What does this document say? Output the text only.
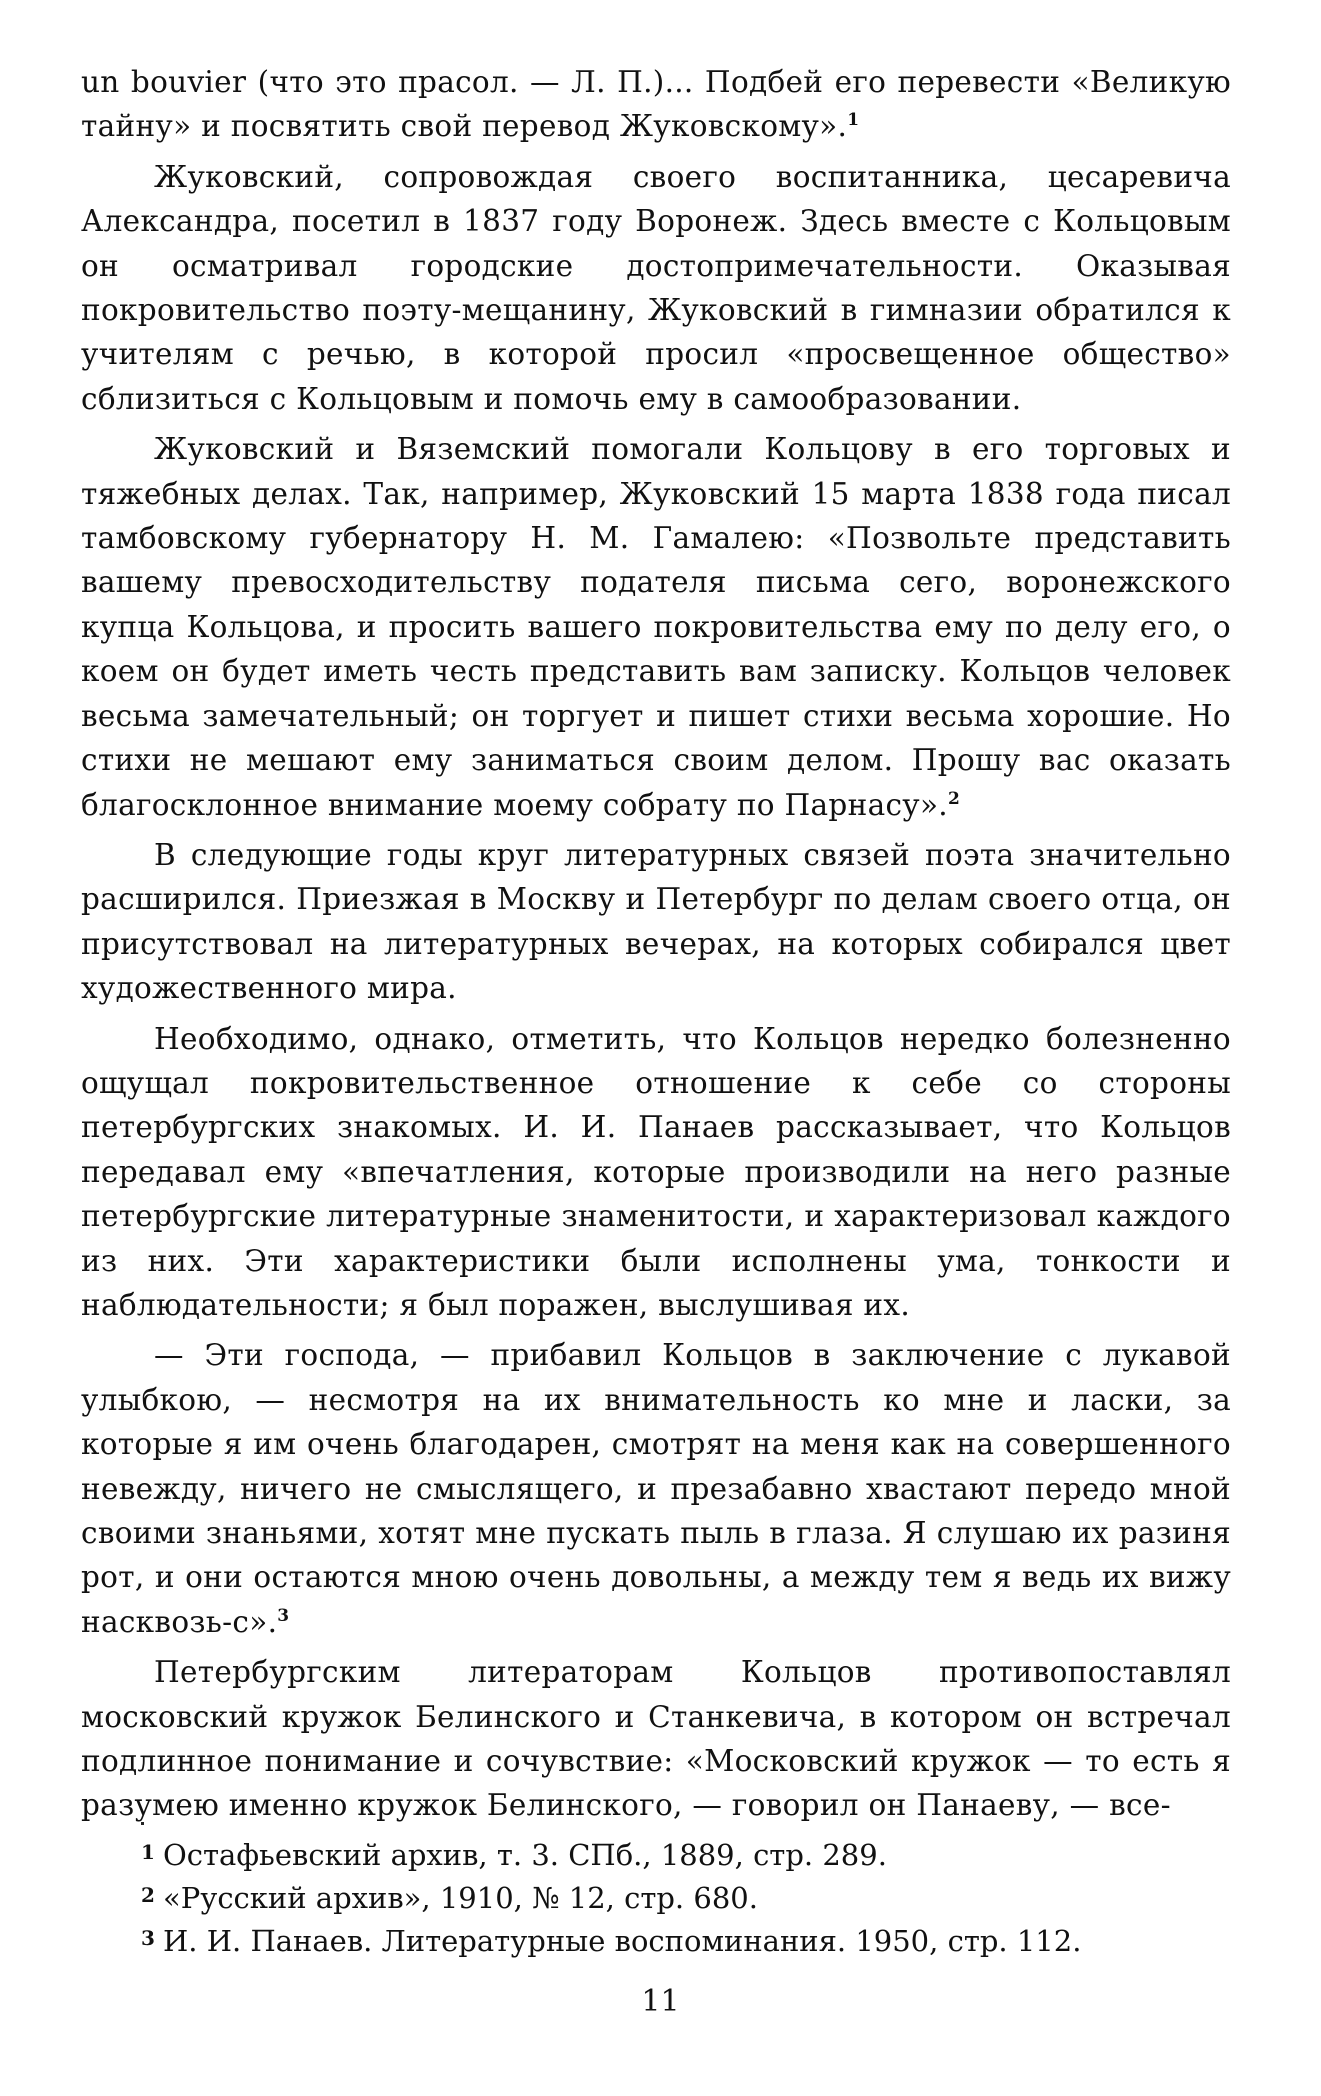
un bouvier (что это прасол. — Л. П.)... Подбей его перевести «Великую тайну» и посвятить свой перевод Жуковскому».$^1$

Жуковский, сопровождая своего воспитанника, цесаревича Александра, посетил в 1837 году Воронеж. Здесь вместе с Кольцовым он осматривал городские достопримечательности. Оказывая покровительство поэту-мещанину, Жуковский в гимназии обратился к учителям с речью, в которой просил «просвещенное общество» сблизиться с Кольцовым и помочь ему в самообразовании.

Жуковский и Вяземский помогали Кольцову в его торговых и тяжебных делах. Так, например, Жуковский 15 марта 1838 года писал тамбовскому губернатору Н. М. Гамалею: «Позвольте представить вашему превосходительству подателя письма сего, воронежского купца Кольцова, и просить вашего покровительства ему по делу его, о коем он будет иметь честь представить вам записку. Кольцов человек весьма замечательный; он торгует и пишет стихи весьма хорошие. Но стихи не мешают ему заниматься своим делом. Прошу вас оказать благосклонное внимание моему собрату по Парнасу».$^2$

В следующие годы круг литературных связей поэта значительно расширился. Приезжая в Москву и Петербург по делам своего отца, он присутствовал на литературных вечерах, на которых собирался цвет художественного мира.

Необходимо, однако, отметить, что Кольцов нередко болезненно ощущал покровительственное отношение к себе со стороны петербургских знакомых. И. И. Панаев рассказывает, что Кольцов передавал ему «впечатления, которые производили на него разные петербургские литературные знаменитости, и характеризовал каждого из них. Эти характеристики были исполнены ума, тонкости и наблюдательности; я был поражен, выслушивая их.

— Эти господа, — прибавил Кольцов в заключение с лукавой улыбкою, — несмотря на их внимательность ко мне и ласки, за которые я им очень благодарен, смотрят на меня как на совершенного невежду, ничего не смыслящего, и презабавно хвастают передо мной своими знаньями, хотят мне пускать пыль в глаза. Я слушаю их разиня рот, и они остаются мною очень довольны, а между тем я ведь их вижу насквозь-с».$^3$

Петербургским литераторам Кольцов противопоставлял московский кружок Белинского и Станкевича, в котором он встречал подлинное понимание и сочувствие: «Московский кружок — то есть я разумею именно кружок Белинского, — говорил он Панаеву, — все-

1 Остафьевский архив, т. 3. СПб., 1889, стр. 289.

2 «Русский архив», 1910, № 12, стр. 680.

3 И. И. Панаев. Литературные воспоминания. 1950, стр. 112.

11
